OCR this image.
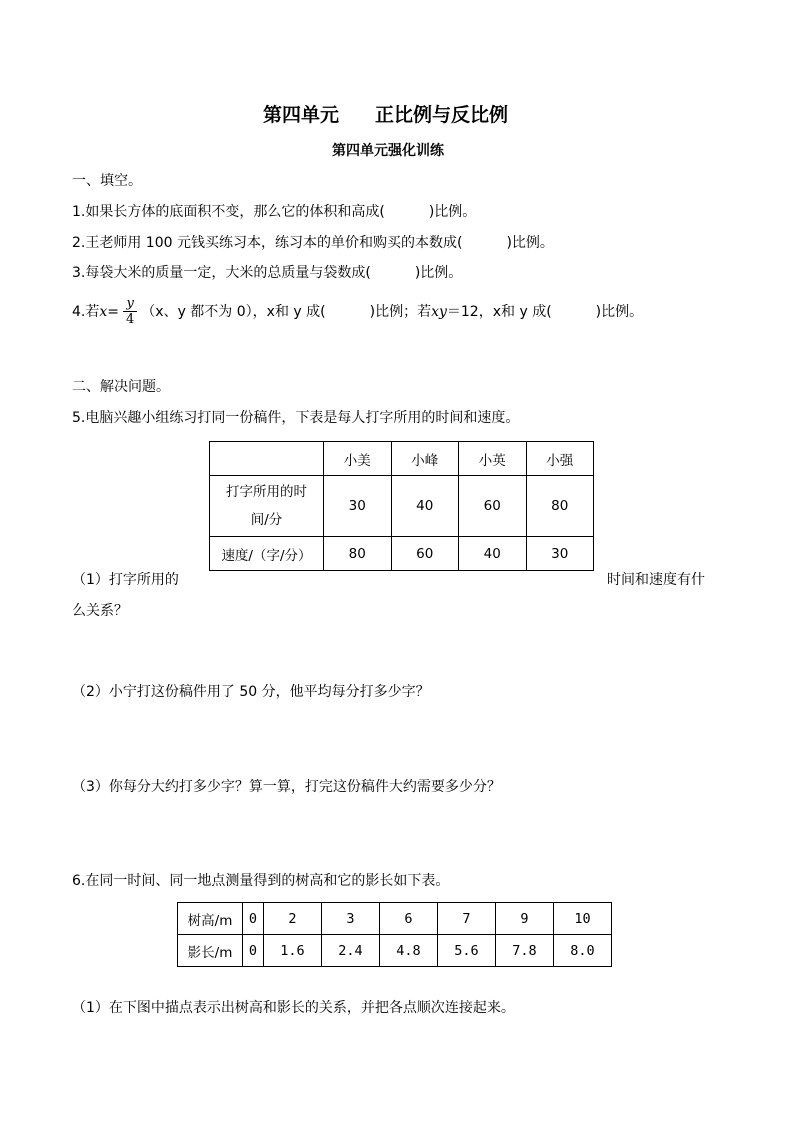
第四单元 正比例与反比例
第四单元强化训练
一、填空。
1.如果长方体的底面积不变，那么它的体积和高成(	)比例。
2.王老师用 100 元钱买练习本，练习本的单价和购买的本数成(	)比例。
3.每袋大米的质量一定，大米的总质量与袋数成(	)比例。
4.若 $x = \frac{y}{4} (x$、y 都不为 0）， x和 y 成(	)比例；若 xy ＝12， x和 y 成(	)比例。
二、解决问题。
5.电脑兴趣小组练习打同一份稿件，下表是每人打字所用的时间和速度。
	小美	小峰	小英	小强

打字所用的时
间/分	30	40	60	80
速度/（字/分）	80	60	40	30
（1）打字所用的	时间和速度有什
么关系？
（2）小宁打这份稿件用了 50 分，他平均每分打多少字？
（3）你每分大约打多少字？算一算，打完这份稿件大约需要多少分？
6.在同一时间、同一地点测量得到的树高和它的影长如下表。
树高/m	0	2	3	6	7	9	10
影长/m	0	1.6	2.4	4.8	5.6	7.8	8.0
（1）在下图中描点表示出树高和影长的关系，并把各点顺次连接起来。
